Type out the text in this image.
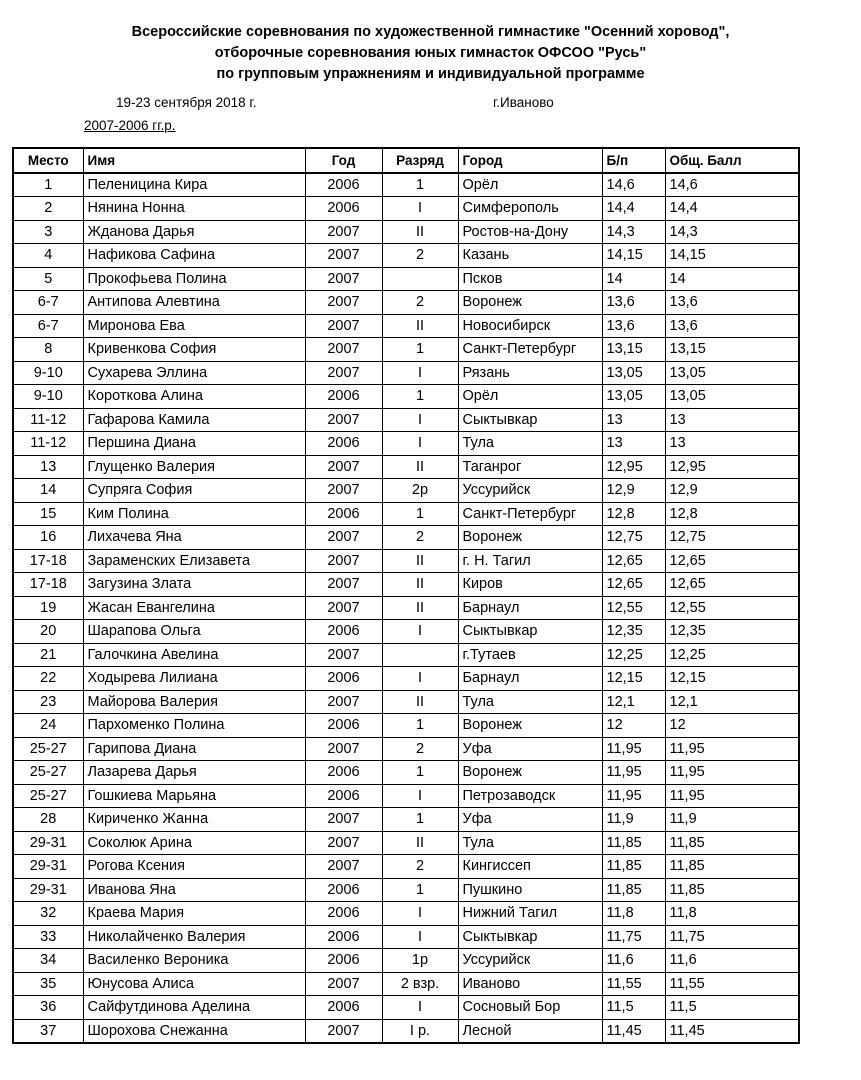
Всероссийские соревнования по художественной гимнастике "Осенний хоровод",
отборочные соревнования юных гимнасток ОФСОО "Русь"
по групповым упражнениям и индивидуальной программе
19-23 сентября 2018 г.	г.Иваново
2007-2006 гг.р.
Место	Имя	Год	Разряд	Город	Б/п	Общ. Балл
1	Пеленицина Кира	2006	1	Орёл	14,6	14,6
2	Нянина Нонна	2006	I	Симферополь	14,4	14,4
3	Жданова Дарья	2007	II	Ростов-на-Дону	14,3	14,3
4	Нафикова Сафина	2007	2	Казань	14,15	14,15
5	Прокофьева Полина	2007		Псков	14	14
6-7	Антипова Алевтина	2007	2	Воронеж	13,6	13,6
6-7	Миронова Ева	2007	II	Новосибирск	13,6	13,6
8	Кривенкова София	2007	1	Санкт-Петербург	13,15	13,15
9-10	Сухарева Эллина	2007	I	Рязань	13,05	13,05
9-10	Короткова Алина	2006	1	Орёл	13,05	13,05
11-12	Гафарова Камила	2007	I	Сыктывкар	13	13
11-12	Першина Диана	2006	I	Тула	13	13
13	Глущенко Валерия	2007	II	Таганрог	12,95	12,95
14	Супряга София	2007	2р	Уссурийск	12,9	12,9
15	Ким Полина	2006	1	Санкт-Петербург	12,8	12,8
16	Лихачева Яна	2007	2	Воронеж	12,75	12,75
17-18	Зараменских Елизавета	2007	II	г. Н. Тагил	12,65	12,65
17-18	Загузина Злата	2007	II	Киров	12,65	12,65
19	Жасан Евангелина	2007	II	Барнаул	12,55	12,55
20	Шарапова Ольга	2006	I	Сыктывкар	12,35	12,35
21	Галочкина Авелина	2007		г.Тутаев	12,25	12,25
22	Ходырева Лилиана	2006	I	Барнаул	12,15	12,15
23	Майорова Валерия	2007	II	Тула	12,1	12,1
24	Пархоменко Полина	2006	1	Воронеж	12	12
25-27	Гарипова Диана	2007	2	Уфа	11,95	11,95
25-27	Лазарева Дарья	2006	1	Воронеж	11,95	11,95
25-27	Гошкиева Марьяна	2006	I	Петрозаводск	11,95	11,95
28	Кириченко Жанна	2007	1	Уфа	11,9	11,9
29-31	Соколюк Арина	2007	II	Тула	11,85	11,85
29-31	Рогова Ксения	2007	2	Кингиссеп	11,85	11,85
29-31	Иванова Яна	2006	1	Пушкино	11,85	11,85
32	Краева Мария	2006	I	Нижний Тагил	11,8	11,8
33	Николайченко Валерия	2006	I	Сыктывкар	11,75	11,75
34	Василенко Вероника	2006	1р	Уссурийск	11,6	11,6
35	Юнусова Алиса	2007	2 взр.	Иваново	11,55	11,55
36	Сайфутдинова Аделина	2006	I	Сосновый Бор	11,5	11,5
37	Шорохова Снежанна	2007	I р.	Лесной	11,45	11,45
